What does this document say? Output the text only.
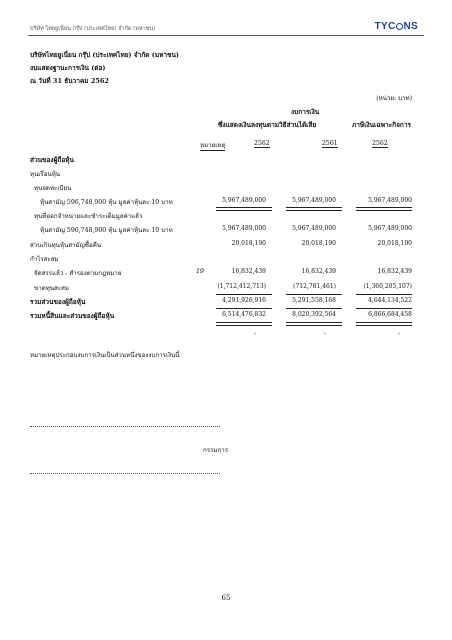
บริษัท ไทยยูเนี่ยน กรุ๊ป (ประเทศไทย) จำกัด (มหาชน)	TYC NS
บริษัทไทยยูเนี่ยน กรุ๊ป (ประเทศไทย) จำกัด (มหาชน)
งบแสดงฐานะการเงิน (ต่อ)
ณ วันที่ 31 ธันวาคม 2562
(หน่วย: บาท)
งบการเงิน
ซึ่งแสดงเงินลงทุนตามวิธีส่วนได้เสีย	ภาษีเงินเฉพาะกิจการ
หมายเหตุ	2562	2561	2562
ส่วนของผู้ถือหุ้น
ทุนเรือนหุ้น
ทุนจดทะเบียน
หุ้นสามัญ 596,748,900 หุ้น มูลค่าหุ้นละ 10 บาท	5,967,489,000	5,967,489,000	5,967,489,000
ทุนที่ออกจำหน่ายและชำระเต็มมูลค่าแล้ว
หุ้นสามัญ 596,748,900 หุ้น มูลค่าหุ้นละ 10 บาท	5,967,489,000	5,967,489,000	5,967,489,000
ส่วนเกินทุนหุ้นสามัญซื้อคืน	20,018,190	20,018,190	20,018,190
กำไรสะสม
จัดสรรแล้ว - สำรองตามกฎหมาย	19	16,832,439	16,832,439	16,832,439
ขาดทุนสะสม	(1,712,412,713)	(712,781,461)	(1,360,205,107)
รวมส่วนของผู้ถือหุ้น	4,291,926,916	5,291,558,168	4,644,134,522
รวมหนี้สินและส่วนของผู้ถือหุ้น	6,514,476,832	8,020,392,564	6,866,684,458
-	-	-
หมายเหตุประกอบงบการเงินเป็นส่วนหนึ่งของงบการเงินนี้
กรรมการ
65
